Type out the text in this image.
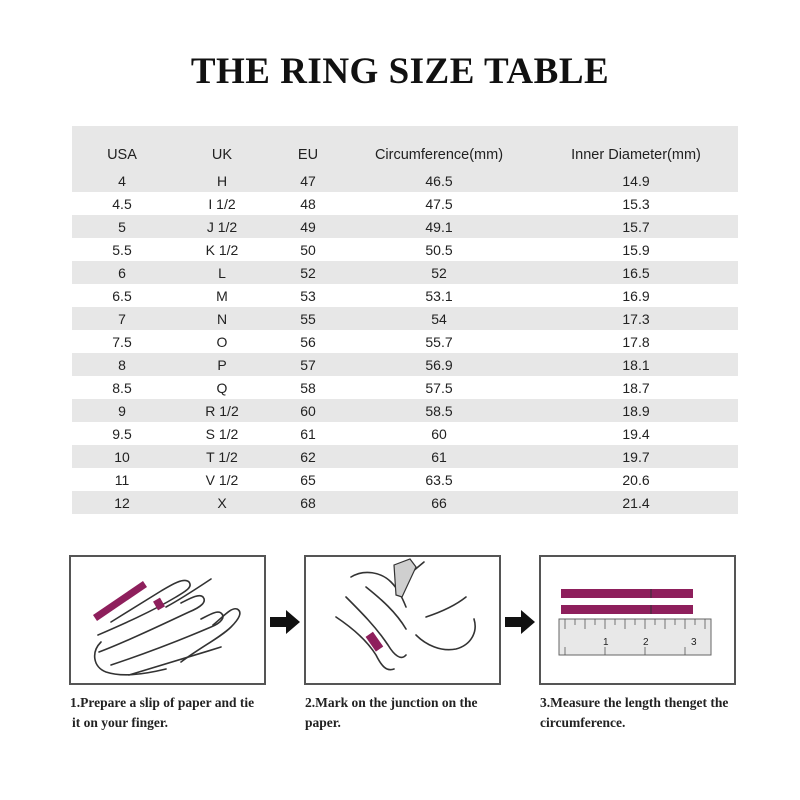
THE RING SIZE TABLE
USA	UK	EU	Circumference(mm)	Inner Diameter(mm)
4	H	47	46.5	14.9
4.5	I 1/2	48	47.5	15.3
5	J 1/2	49	49.1	15.7
5.5	K 1/2	50	50.5	15.9
6	L	52	52	16.5
6.5	M	53	53.1	16.9
7	N	55	54	17.3
7.5	O	56	55.7	17.8
8	P	57	56.9	18.1
8.5	Q	58	57.5	18.7
9	R 1/2	60	58.5	18.9
9.5	S 1/2	61	60	19.4
10	T 1/2	62	61	19.7
11	V 1/2	65	63.5	20.6
12	X	68	66	21.4
1	2	3
1.Prepare a slip of paper and tie
it on your finger.
2.Mark on the junction on the
paper.
3.Measure the length thenget the
circumference.
